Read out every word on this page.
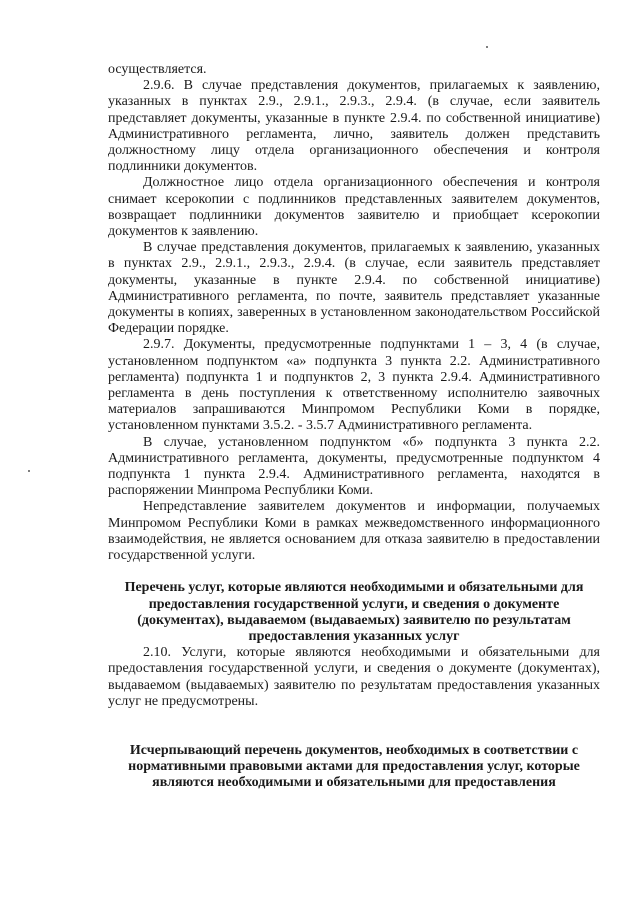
осуществляется.

2.9.6. В случае представления документов, прилагаемых к заявлению, указанных в пунктах 2.9., 2.9.1., 2.9.3., 2.9.4. (в случае, если заявитель представляет документы, указанные в пункте 2.9.4. по собственной инициативе) Административного регламента, лично, заявитель должен представить должностному лицу отдела организационного обеспечения и контроля подлинники документов.

Должностное лицо отдела организационного обеспечения и контроля снимает ксерокопии с подлинников представленных заявителем документов, возвращает подлинники документов заявителю и приобщает ксерокопии документов к заявлению.

В случае представления документов, прилагаемых к заявлению, указанных в пунктах 2.9., 2.9.1., 2.9.3., 2.9.4. (в случае, если заявитель представляет документы, указанные в пункте 2.9.4. по собственной инициативе) Административного регламента, по почте, заявитель представляет указанные документы в копиях, заверенных в установленном законодательством Российской Федерации порядке.

2.9.7. Документы, предусмотренные подпунктами 1 – 3, 4 (в случае, установленном подпунктом «а» подпункта 3 пункта 2.2. Административного регламента) подпункта 1 и подпунктов 2, 3 пункта 2.9.4. Административного регламента в день поступления к ответственному исполнителю заявочных материалов запрашиваются Минпромом Республики Коми в порядке, установленном пунктами 3.5.2. - 3.5.7 Административного регламента.

В случае, установленном подпунктом «б» подпункта 3 пункта 2.2. Административного регламента, документы, предусмотренные подпунктом 4 подпункта 1 пункта 2.9.4. Административного регламента, находятся в распоряжении Минпрома Республики Коми.

Непредставление заявителем документов и информации, получаемых Минпромом Республики Коми в рамках межведомственного информационного взаимодействия, не является основанием для отказа заявителю в предоставлении государственной услуги.

Перечень услуг, которые являются необходимыми и обязательными для предоставления государственной услуги, и сведения о документе (документах), выдаваемом (выдаваемых) заявителю по результатам предоставления указанных услуг

2.10. Услуги, которые являются необходимыми и обязательными для предоставления государственной услуги, и сведения о документе (документах), выдаваемом (выдаваемых) заявителю по результатам предоставления указанных услуг не предусмотрены.

Исчерпывающий перечень документов, необходимых в соответствии с нормативными правовыми актами для предоставления услуг, которые являются необходимыми и обязательными для предоставления
